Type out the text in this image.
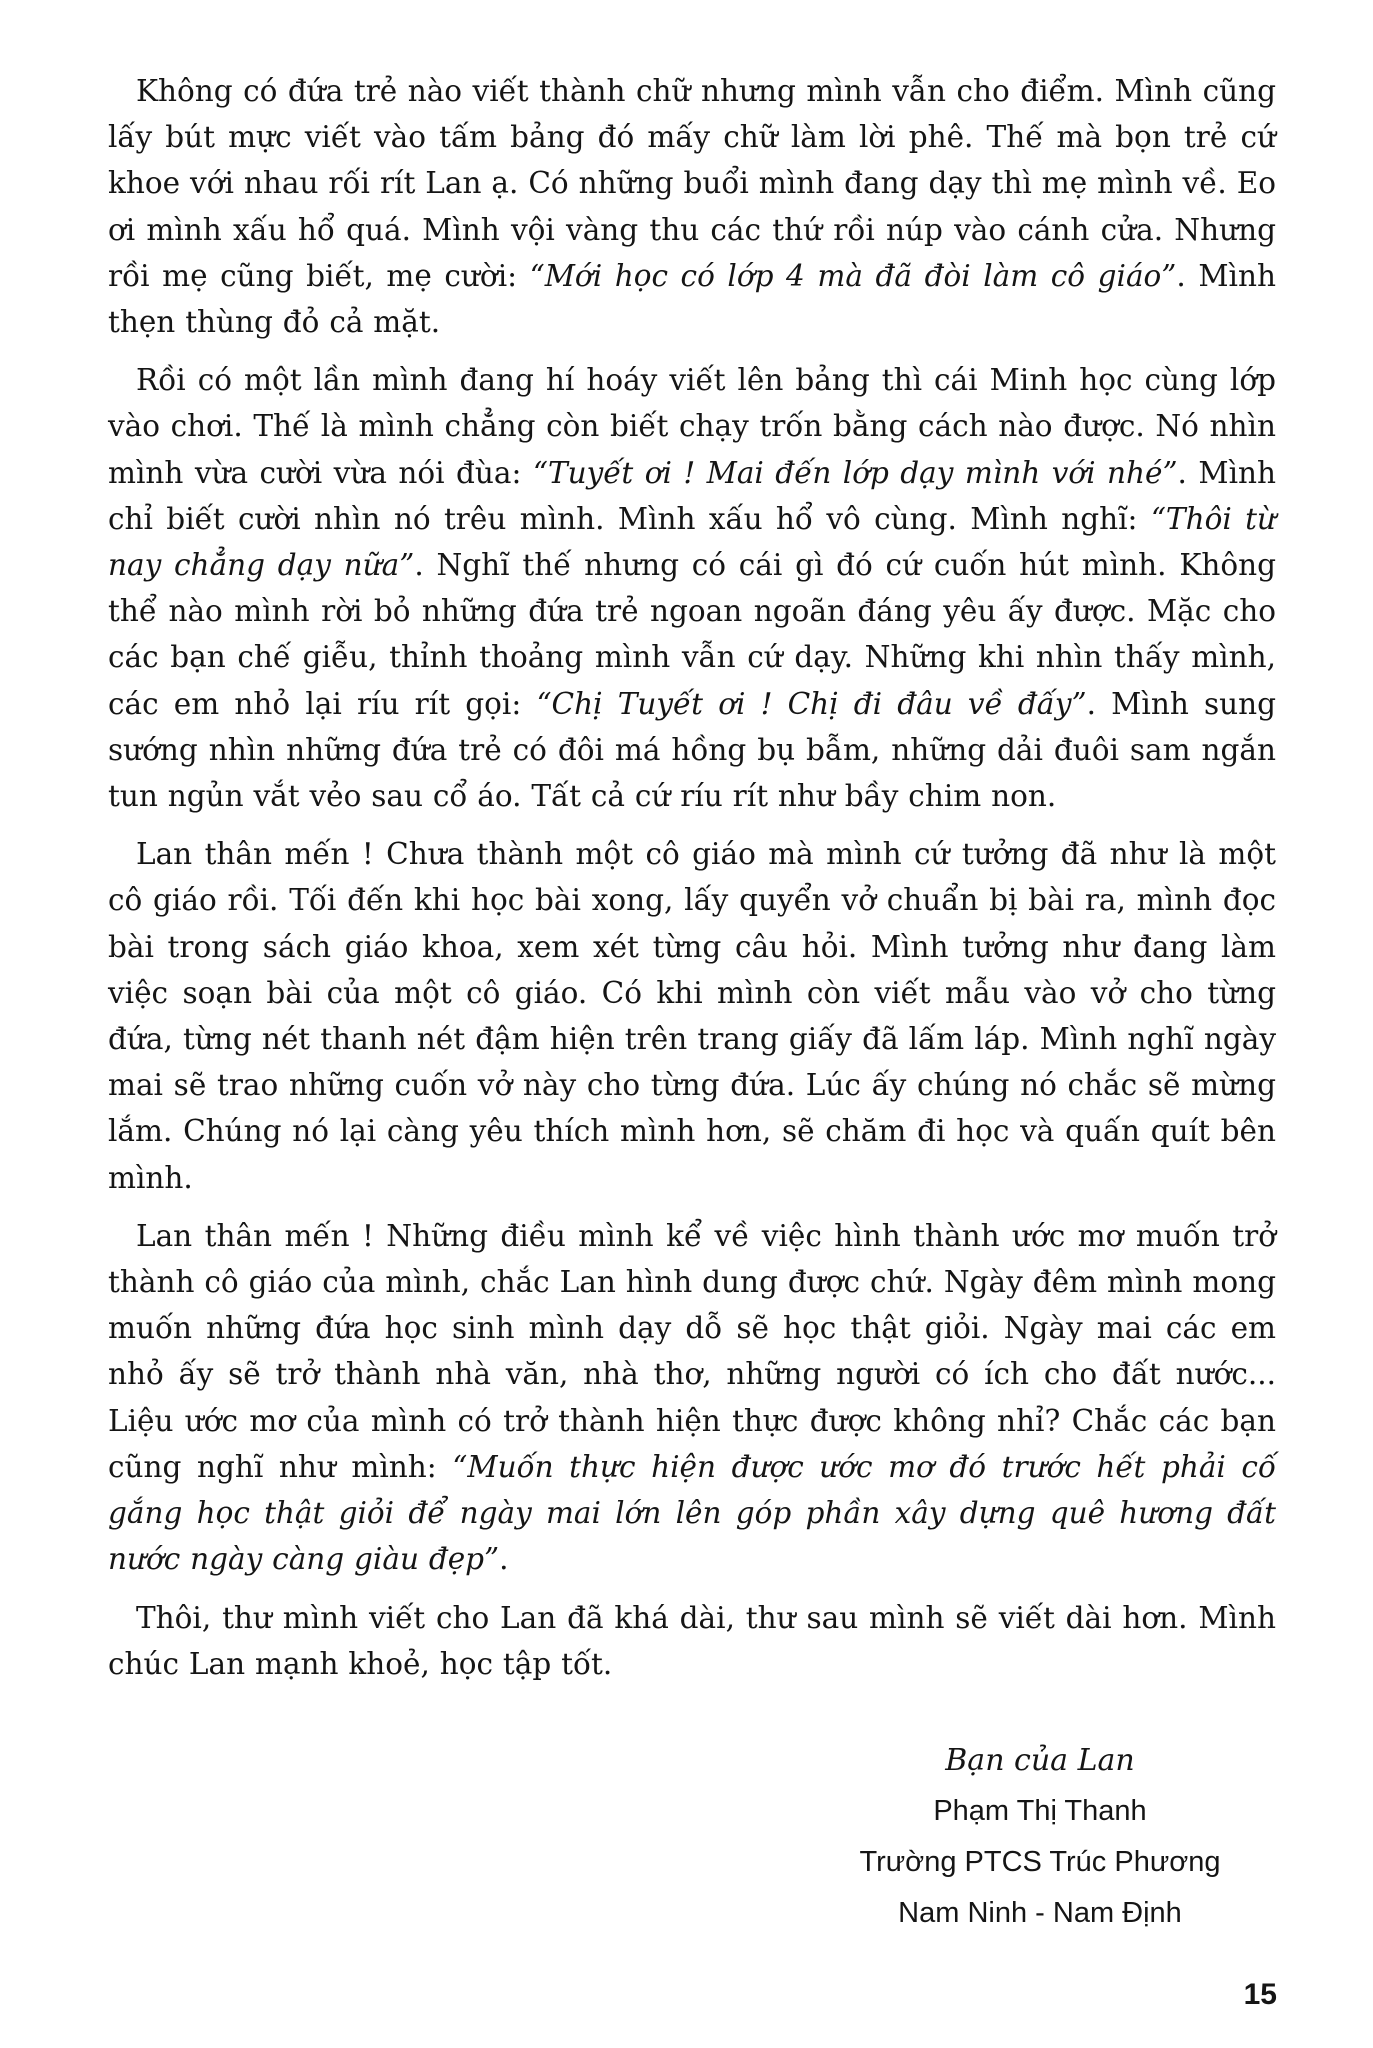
Không có đứa trẻ nào viết thành chữ nhưng mình vẫn cho điểm. Mình cũng lấy bút mực viết vào tấm bảng đó mấy chữ làm lời phê. Thế mà bọn trẻ cứ khoe với nhau rối rít Lan ạ. Có những buổi mình đang dạy thì mẹ mình về. Eo ơi mình xấu hổ quá. Mình vội vàng thu các thứ rồi núp vào cánh cửa. Nhưng rồi mẹ cũng biết, mẹ cười: “Mới học có lớp 4 mà đã đòi làm cô giáo”. Mình thẹn thùng đỏ cả mặt.

Rồi có một lần mình đang hí hoáy viết lên bảng thì cái Minh học cùng lớp vào chơi. Thế là mình chẳng còn biết chạy trốn bằng cách nào được. Nó nhìn mình vừa cười vừa nói đùa: “Tuyết ơi ! Mai đến lớp dạy mình với nhé”. Mình chỉ biết cười nhìn nó trêu mình. Mình xấu hổ vô cùng. Mình nghĩ: “Thôi từ nay chẳng dạy nữa”. Nghĩ thế nhưng có cái gì đó cứ cuốn hút mình. Không thể nào mình rời bỏ những đứa trẻ ngoan ngoãn đáng yêu ấy được. Mặc cho các bạn chế giễu, thỉnh thoảng mình vẫn cứ dạy. Những khi nhìn thấy mình, các em nhỏ lại ríu rít gọi: “Chị Tuyết ơi ! Chị đi đâu về đấy”. Mình sung sướng nhìn những đứa trẻ có đôi má hồng bụ bẫm, những dải đuôi sam ngắn tun ngủn vắt vẻo sau cổ áo. Tất cả cứ ríu rít như bầy chim non.

Lan thân mến ! Chưa thành một cô giáo mà mình cứ tưởng đã như là một cô giáo rồi. Tối đến khi học bài xong, lấy quyển vở chuẩn bị bài ra, mình đọc bài trong sách giáo khoa, xem xét từng câu hỏi. Mình tưởng như đang làm việc soạn bài của một cô giáo. Có khi mình còn viết mẫu vào vở cho từng đứa, từng nét thanh nét đậm hiện trên trang giấy đã lấm láp. Mình nghĩ ngày mai sẽ trao những cuốn vở này cho từng đứa. Lúc ấy chúng nó chắc sẽ mừng lắm. Chúng nó lại càng yêu thích mình hơn, sẽ chăm đi học và quấn quít bên mình.

Lan thân mến ! Những điều mình kể về việc hình thành ước mơ muốn trở thành cô giáo của mình, chắc Lan hình dung được chứ. Ngày đêm mình mong muốn những đứa học sinh mình dạy dỗ sẽ học thật giỏi. Ngày mai các em nhỏ ấy sẽ trở thành nhà văn, nhà thơ, những người có ích cho đất nước... Liệu ước mơ của mình có trở thành hiện thực được không nhỉ? Chắc các bạn cũng nghĩ như mình: “Muốn thực hiện được ước mơ đó trước hết phải cố gắng học thật giỏi để ngày mai lớn lên góp phần xây dựng quê hương đất nước ngày càng giàu đẹp”.

Thôi, thư mình viết cho Lan đã khá dài, thư sau mình sẽ viết dài hơn. Mình chúc Lan mạnh khoẻ, học tập tốt.

Bạn của Lan
Phạm Thị Thanh
Trường PTCS Trúc Phương
Nam Ninh - Nam Định
15
